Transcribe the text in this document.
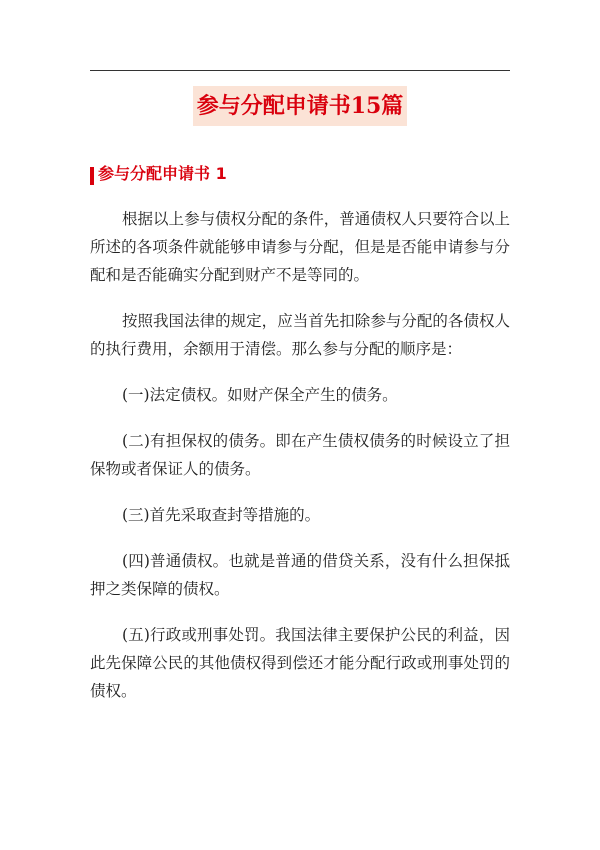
参与分配申请书15篇
参与分配申请书 1

根据以上参与债权分配的条件，普通债权人只要符合以上所述的各项条件就能够申请参与分配，但是是否能申请参与分配和是否能确实分配到财产不是等同的。

按照我国法律的规定，应当首先扣除参与分配的各债权人的执行费用，余额用于清偿。那么参与分配的顺序是：

(一)法定债权。如财产保全产生的债务。

(二)有担保权的债务。即在产生债权债务的时候设立了担保物或者保证人的债务。

(三)首先采取查封等措施的。

(四)普通债权。也就是普通的借贷关系，没有什么担保抵押之类保障的债权。

(五)行政或刑事处罚。我国法律主要保护公民的利益，因此先保障公民的其他债权得到偿还才能分配行政或刑事处罚的债权。
